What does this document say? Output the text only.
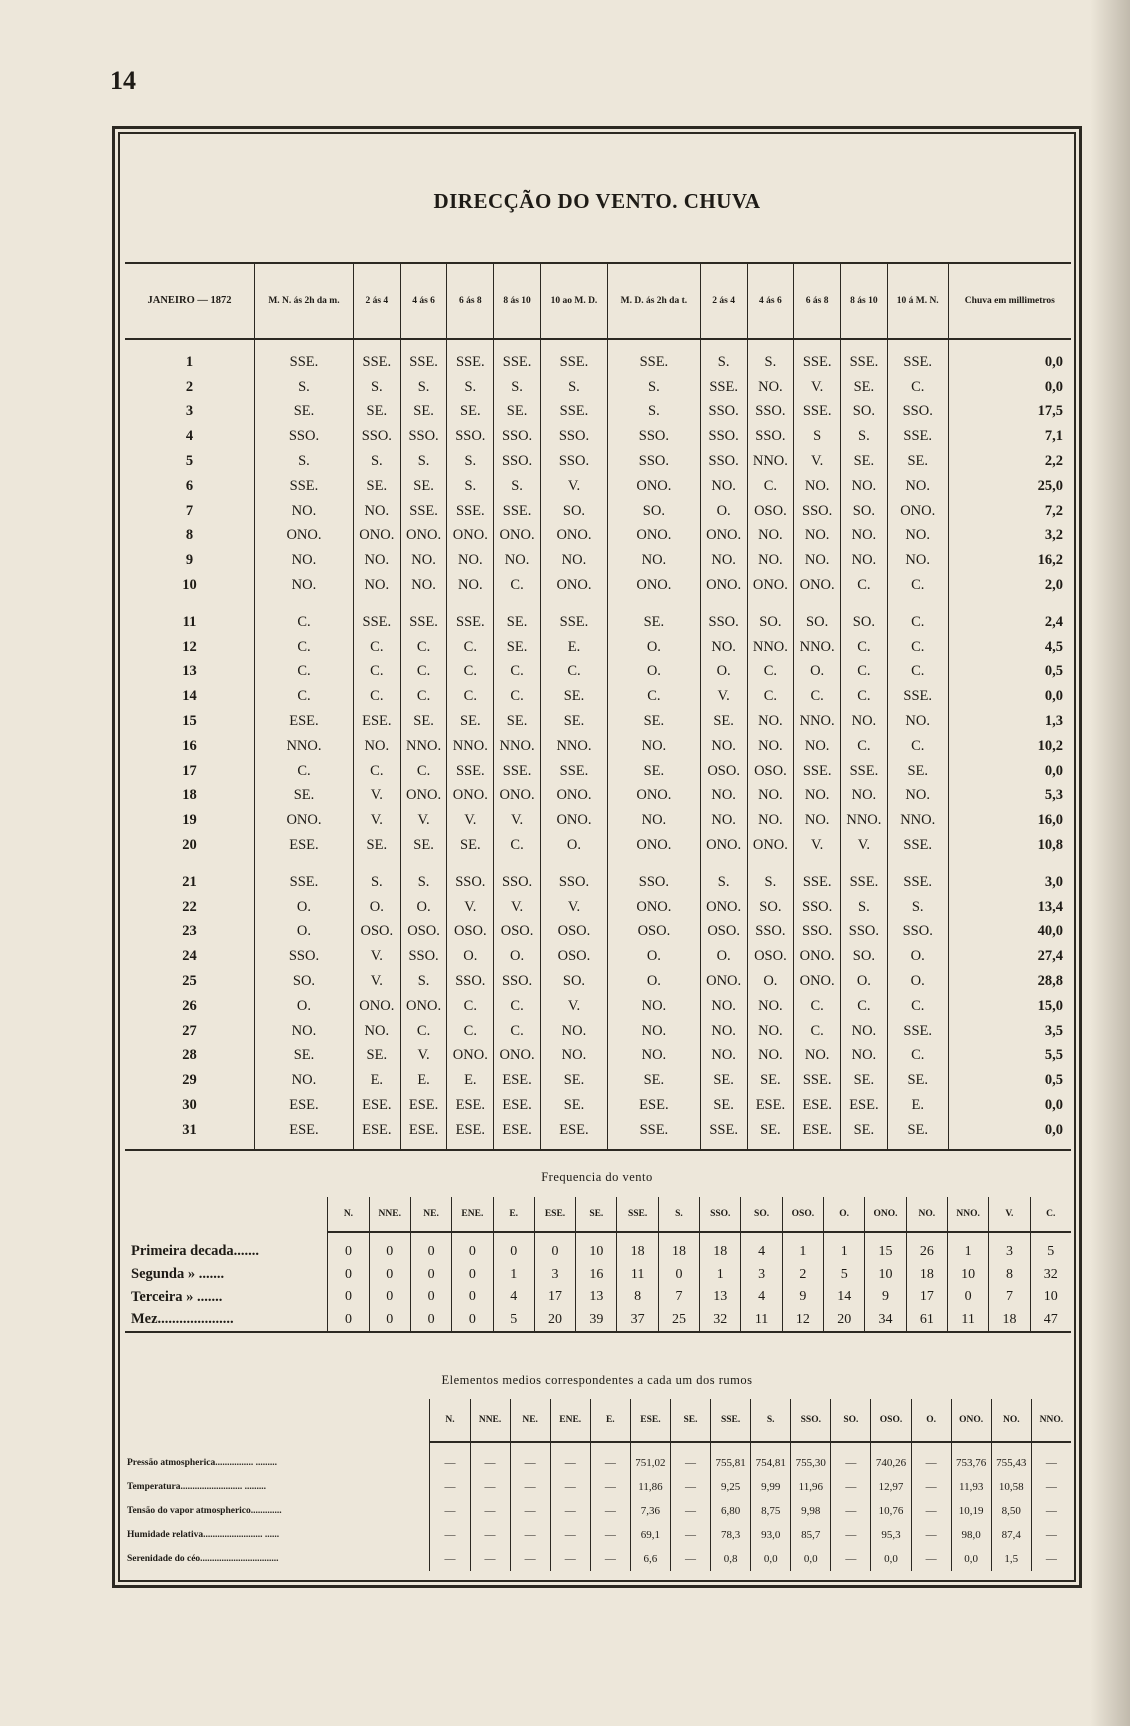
14
DIRECÇÃO DO VENTO. CHUVA
JANEIRO — 1872	M. N. ás 2h da m.	2 ás 4	4 ás 6	6 ás 8	8 ás 10	10 ao M. D.	M. D. ás 2h da t.	2 ás 4	4 ás 6	6 ás 8	8 ás 10	10 á M. N.	Chuva em millimetros
1	SSE.	SSE.	SSE.	SSE.	SSE.	SSE.	SSE.	S.	S.	SSE.	SSE.	SSE.	0,0
2	S.	S.	S.	S.	S.	S.	S.	SSE.	NO.	V.	SE.	C.	0,0
3	SE.	SE.	SE.	SE.	SE.	SSE.	S.	SSO.	SSO.	SSE.	SO.	SSO.	17,5
4	SSO.	SSO.	SSO.	SSO.	SSO.	SSO.	SSO.	SSO.	SSO.	S	S.	SSE.	7,1
5	S.	S.	S.	S.	SSO.	SSO.	SSO.	SSO.	NNO.	V.	SE.	SE.	2,2
6	SSE.	SE.	SE.	S.	S.	V.	ONO.	NO.	C.	NO.	NO.	NO.	25,0
7	NO.	NO.	SSE.	SSE.	SSE.	SO.	SO.	O.	OSO.	SSO.	SO.	ONO.	7,2
8	ONO.	ONO.	ONO.	ONO.	ONO.	ONO.	ONO.	ONO.	NO.	NO.	NO.	NO.	3,2
9	NO.	NO.	NO.	NO.	NO.	NO.	NO.	NO.	NO.	NO.	NO.	NO.	16,2
10	NO.	NO.	NO.	NO.	C.	ONO.	ONO.	ONO.	ONO.	ONO.	C.	C.	2,0
11	C.	SSE.	SSE.	SSE.	SE.	SSE.	SE.	SSO.	SO.	SO.	SO.	C.	2,4
12	C.	C.	C.	C.	SE.	E.	O.	NO.	NNO.	NNO.	C.	C.	4,5
13	C.	C.	C.	C.	C.	C.	O.	O.	C.	O.	C.	C.	0,5
14	C.	C.	C.	C.	C.	SE.	C.	V.	C.	C.	C.	SSE.	0,0
15	ESE.	ESE.	SE.	SE.	SE.	SE.	SE.	SE.	NO.	NNO.	NO.	NO.	1,3
16	NNO.	NO.	NNO.	NNO.	NNO.	NNO.	NO.	NO.	NO.	NO.	C.	C.	10,2
17	C.	C.	C.	SSE.	SSE.	SSE.	SE.	OSO.	OSO.	SSE.	SSE.	SE.	0,0
18	SE.	V.	ONO.	ONO.	ONO.	ONO.	ONO.	NO.	NO.	NO.	NO.	NO.	5,3
19	ONO.	V.	V.	V.	V.	ONO.	NO.	NO.	NO.	NO.	NNO.	NNO.	16,0
20	ESE.	SE.	SE.	SE.	C.	O.	ONO.	ONO.	ONO.	V.	V.	SSE.	10,8
21	SSE.	S.	S.	SSO.	SSO.	SSO.	SSO.	S.	S.	SSE.	SSE.	SSE.	3,0
22	O.	O.	O.	V.	V.	V.	ONO.	ONO.	SO.	SSO.	S.	S.	13,4
23	O.	OSO.	OSO.	OSO.	OSO.	OSO.	OSO.	OSO.	SSO.	SSO.	SSO.	SSO.	40,0
24	SSO.	V.	SSO.	O.	O.	OSO.	O.	O.	OSO.	ONO.	SO.	O.	27,4
25	SO.	V.	S.	SSO.	SSO.	SO.	O.	ONO.	O.	ONO.	O.	O.	28,8
26	O.	ONO.	ONO.	C.	C.	V.	NO.	NO.	NO.	C.	C.	C.	15,0
27	NO.	NO.	C.	C.	C.	NO.	NO.	NO.	NO.	C.	NO.	SSE.	3,5
28	SE.	SE.	V.	ONO.	ONO.	NO.	NO.	NO.	NO.	NO.	NO.	C.	5,5
29	NO.	E.	E.	E.	ESE.	SE.	SE.	SE.	SE.	SSE.	SE.	SE.	0,5
30	ESE.	ESE.	ESE.	ESE.	ESE.	SE.	ESE.	SE.	ESE.	ESE.	ESE.	E.	0,0
31	ESE.	ESE.	ESE.	ESE.	ESE.	ESE.	SSE.	SSE.	SE.	ESE.	SE.	SE.	0,0
Frequencia do vento
	N.	NNE.	NE.	ENE.	E.	ESE.	SE.	SSE.	S.	SSO.	SO.	OSO.	O.	ONO.	NO.	NNO.	V.	C.
Primeira decada.......	0	0	0	0	0	0	10	18	18	18	4	1	1	15	26	1	3	5
Segunda » .......	0	0	0	0	1	3	16	11	0	1	3	2	5	10	18	10	8	32
Terceira » .......	0	0	0	0	4	17	13	8	7	13	4	9	14	9	17	0	7	10
Mez.....................	0	0	0	0	5	20	39	37	25	32	11	12	20	34	61	11	18	47
Elementos medios correspondentes a cada um dos rumos
	N.	NNE.	NE.	ENE.	E.	ESE.	SE.	SSE.	S.	SSO.	SO.	OSO.	O.	ONO.	NO.	NNO.
Pressão atmospherica................ .........	—	—	—	—	—	751,02	—	755,81	754,81	755,30	—	740,26	—	753,76	755,43	—
Temperatura.......................... .........	—	—	—	—	—	11,86	—	9,25	9,99	11,96	—	12,97	—	11,93	10,58	—
Tensão do vapor atmospherico.............	—	—	—	—	—	7,36	—	6,80	8,75	9,98	—	10,76	—	10,19	8,50	—
Humidade relativa......................... ......	—	—	—	—	—	69,1	—	78,3	93,0	85,7	—	95,3	—	98,0	87,4	—
Serenidade do céo.................................	—	—	—	—	—	6,6	—	0,8	0,0	0,0	—	0,0	—	0,0	1,5	—
